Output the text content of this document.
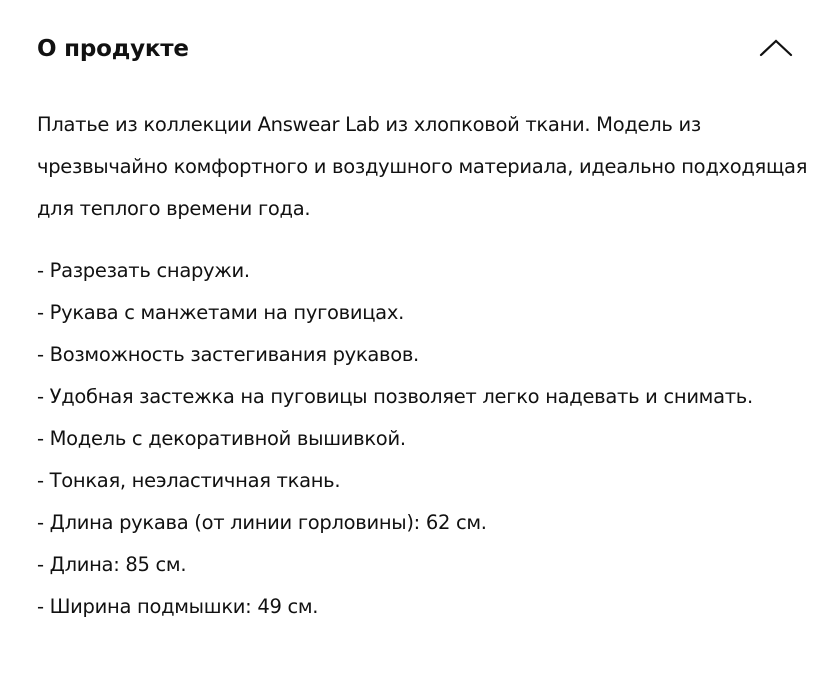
О продукте
Платье из коллекции Answear Lab из хлопковой ткани. Модель из чрезвычайно комфортного и воздушного материала, идеально подходящая для теплого времени года.
- Разрезать снаружи.
- Рукава с манжетами на пуговицах.
- Возможность застегивания рукавов.
- Удобная застежка на пуговицы позволяет легко надевать и снимать.
- Модель с декоративной вышивкой.
- Тонкая, неэластичная ткань.
- Длина рукава (от линии горловины): 62 см.
- Длина: 85 см.
- Ширина подмышки: 49 см.
